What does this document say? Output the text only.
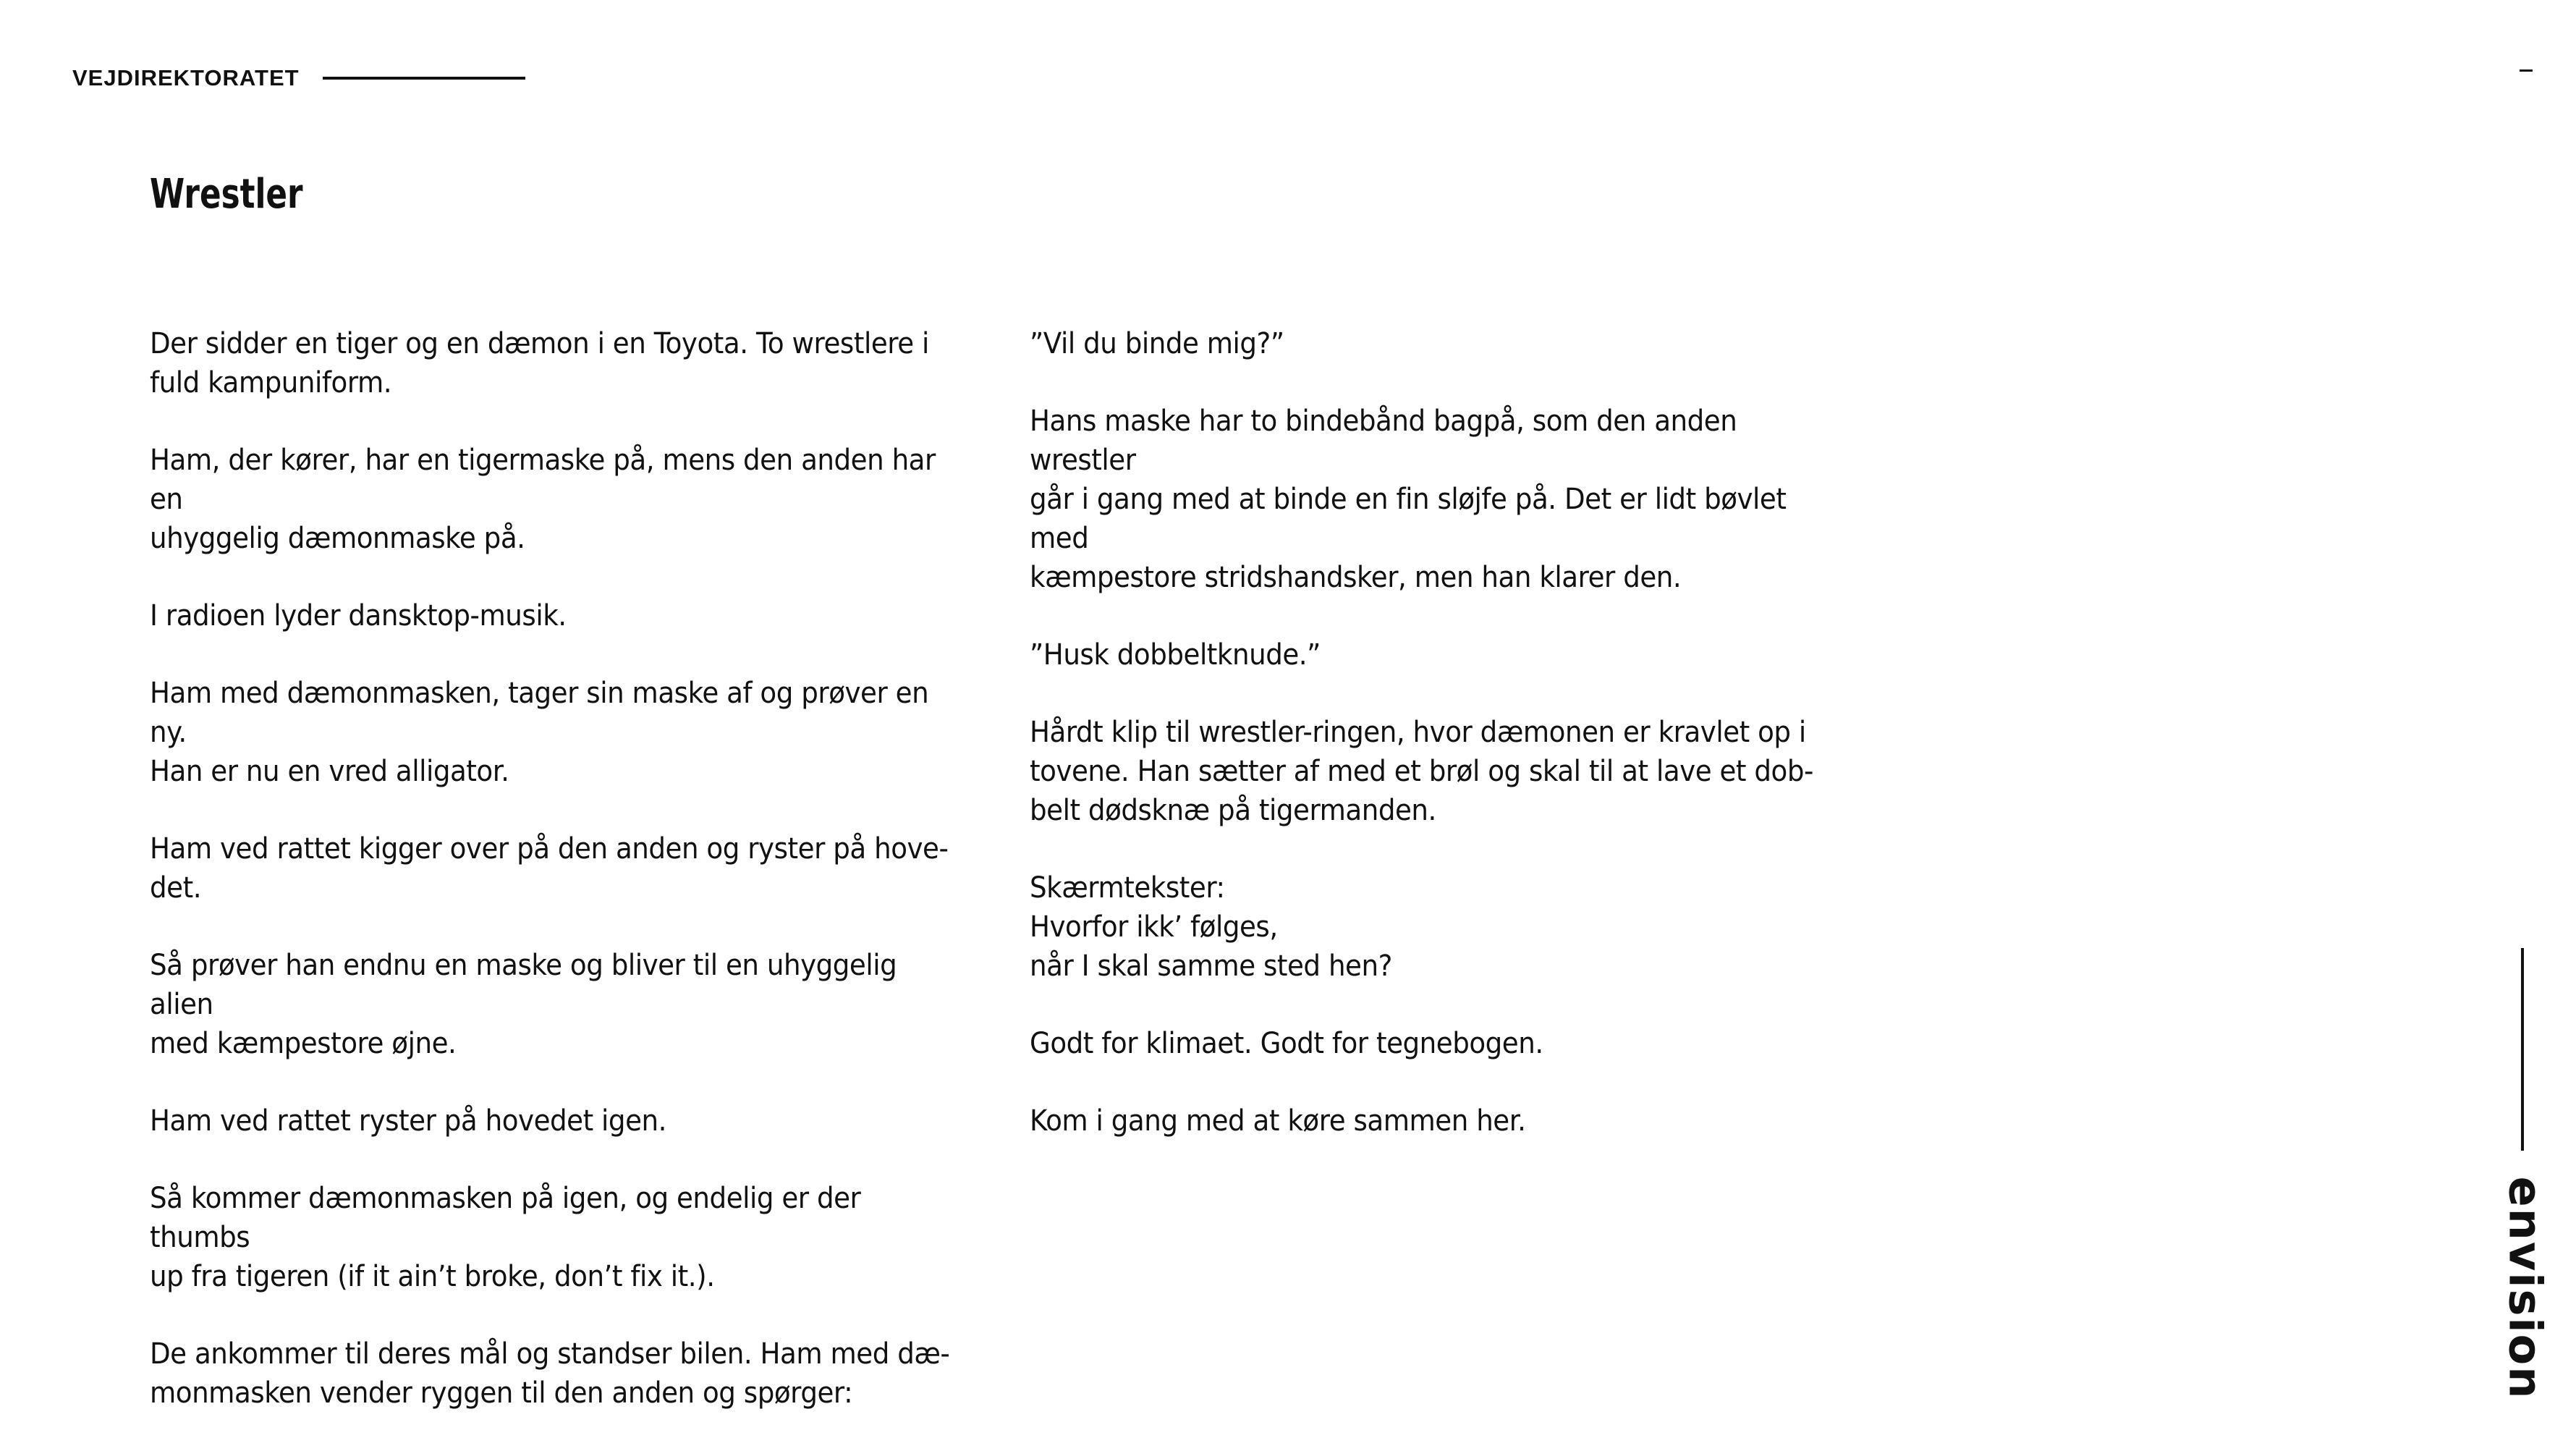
VEJDIREKTORATET
Wrestler

Der sidder en tiger og en dæmon i en Toyota. To wrestlere i
fuld kampuniform.

Ham, der kører, har en tigermaske på, mens den anden har en
uhyggelig dæmonmaske på.

I radioen lyder dansktop-musik.

Ham med dæmonmasken, tager sin maske af og prøver en ny.
Han er nu en vred alligator.

Ham ved rattet kigger over på den anden og ryster på hove-
det.

Så prøver han endnu en maske og bliver til en uhyggelig alien
med kæmpestore øjne.

Ham ved rattet ryster på hovedet igen.

Så kommer dæmonmasken på igen, og endelig er der thumbs
up fra tigeren (if it ain’t broke, don’t fix it.).

De ankommer til deres mål og standser bilen. Ham med dæ-
monmasken vender ryggen til den anden og spørger:

”Vil du binde mig?”

Hans maske har to bindebånd bagpå, som den anden wrestler
går i gang med at binde en fin sløjfe på. Det er lidt bøvlet med
kæmpestore stridshandsker, men han klarer den.

”Husk dobbeltknude.”

Hårdt klip til wrestler-ringen, hvor dæmonen er kravlet op i
tovene. Han sætter af med et brøl og skal til at lave et dob-
belt dødsknæ på tigermanden.

Skærmtekster:
Hvorfor ikk’ følges,
når I skal samme sted hen?

Godt for klimaet. Godt for tegnebogen.

Kom i gang med at køre sammen her.

envision
